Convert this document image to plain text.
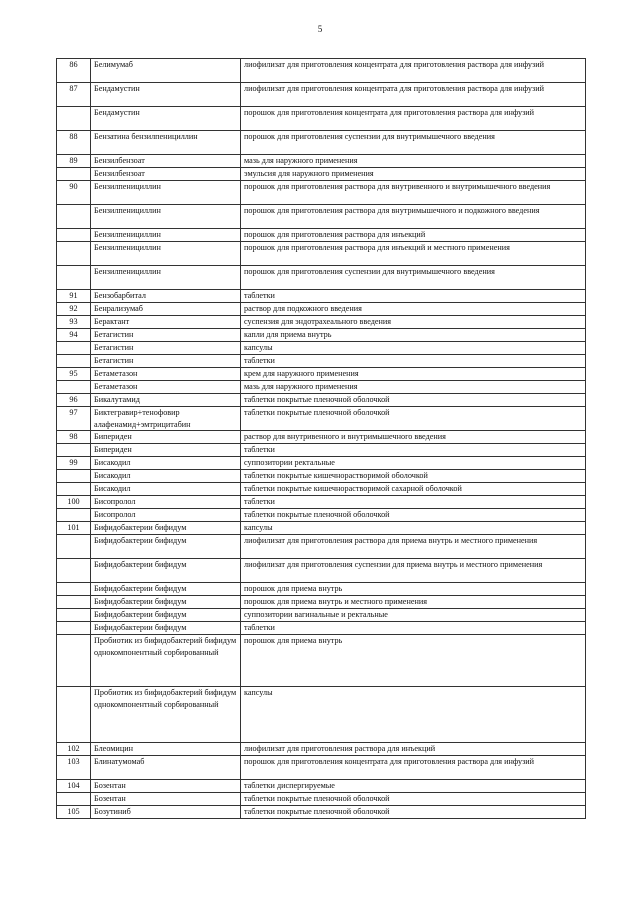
5
86	Белимумаб	лиофилизат для приготовления концентрата для приготовления раствора для инфузий
87	Бендамустин	лиофилизат для приготовления концентрата для приготовления раствора для инфузий
	Бендамустин	порошок для приготовления концентрата для приготовления раствора для инфузий
88	Бензатина бензилпенициллин	порошок для приготовления суспензии для внутримышечного введения
89	Бензилбензоат	мазь для наружного применения
	Бензилбензоат	эмульсия для наружного применения
90	Бензилпенициллин	порошок для приготовления раствора для внутривенного и внутримышечного введения
	Бензилпенициллин	порошок для приготовления раствора для внутримышечного и подкожного введения
	Бензилпенициллин	порошок для приготовления раствора для инъекций
	Бензилпенициллин	порошок для приготовления раствора для инъекций и местного применения
	Бензилпенициллин	порошок для приготовления суспензии для внутримышечного введения
91	Бензобарбитал	таблетки
92	Бенрализумаб	раствор для подкожного введения
93	Берактант	суспензия для эндотрахеального введения
94	Бетагистин	капли для приема внутрь
	Бетагистин	капсулы
	Бетагистин	таблетки
95	Бетаметазон	крем для наружного применения
	Бетаметазон	мазь для наружного применения
96	Бикалутамид	таблетки покрытые пленочной оболочкой
97	Биктегравир+тенофовир алафенамид+эмтрицитабин	таблетки покрытые пленочной оболочкой
98	Бипериден	раствор для внутривенного и внутримышечного введения
	Бипериден	таблетки
99	Бисакодил	суппозитории ректальные
	Бисакодил	таблетки покрытые кишечнорастворимой оболочкой
	Бисакодил	таблетки покрытые кишечнорастворимой сахарной оболочкой
100	Бисопролол	таблетки
	Бисопролол	таблетки покрытые пленочной оболочкой
101	Бифидобактерии бифидум	капсулы
	Бифидобактерии бифидум	лиофилизат для приготовления раствора для приема внутрь и местного применения
	Бифидобактерии бифидум	лиофилизат для приготовления суспензии для приема внутрь и местного применения
	Бифидобактерии бифидум	порошок для приема внутрь
	Бифидобактерии бифидум	порошок для приема внутрь и местного применения
	Бифидобактерии бифидум	суппозитории вагинальные и ректальные
	Бифидобактерии бифидум	таблетки
	Пробиотик из бифидобактерий бифидум однокомпонентный сорбированный	порошок для приема внутрь
	Пробиотик из бифидобактерий бифидум однокомпонентный сорбированный	капсулы
102	Блеомицин	лиофилизат для приготовления раствора для инъекций
103	Блинатумомаб	порошок для приготовления концентрата для приготовления раствора для инфузий
104	Бозентан	таблетки диспергируемые
	Бозентан	таблетки покрытые пленочной оболочкой
105	Бозутиниб	таблетки покрытые пленочной оболочкой
